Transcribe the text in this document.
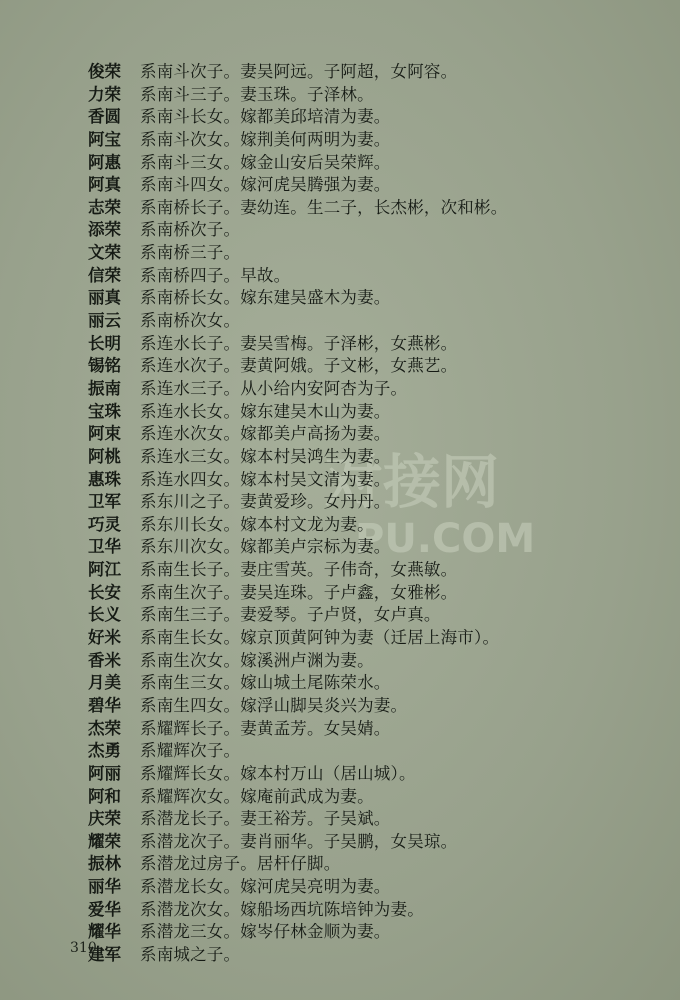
对接网
PU.COM
俊荣	系南斗次子。妻吴阿远。子阿超，女阿容。
力荣	系南斗三子。妻玉珠。子泽林。
香圆	系南斗长女。嫁都美邱培清为妻。
阿宝	系南斗次女。嫁荆美何两明为妻。
阿惠	系南斗三女。嫁金山安后吴荣辉。
阿真	系南斗四女。嫁河虎吴腾强为妻。
志荣	系南桥长子。妻幼连。生二子，长杰彬，次和彬。
添荣	系南桥次子。
文荣	系南桥三子。
信荣	系南桥四子。早故。
丽真	系南桥长女。嫁东建吴盛木为妻。
丽云	系南桥次女。
长明	系连水长子。妻吴雪梅。子泽彬，女燕彬。
锡铭	系连水次子。妻黄阿娥。子文彬，女燕艺。
振南	系连水三子。从小给内安阿杏为子。
宝珠	系连水长女。嫁东建吴木山为妻。
阿束	系连水次女。嫁都美卢高扬为妻。
阿桃	系连水三女。嫁本村吴鸿生为妻。
惠珠	系连水四女。嫁本村吴文清为妻。
卫军	系东川之子。妻黄爱珍。女丹丹。
巧灵	系东川长女。嫁本村文龙为妻。
卫华	系东川次女。嫁都美卢宗标为妻。
阿江	系南生长子。妻庄雪英。子伟奇，女燕敏。
长安	系南生次子。妻吴连珠。子卢鑫，女雅彬。
长义	系南生三子。妻爱琴。子卢贤，女卢真。
好米	系南生长女。嫁京顶黄阿钟为妻（迁居上海市）。
香米	系南生次女。嫁溪洲卢渊为妻。
月美	系南生三女。嫁山城土尾陈荣水。
碧华	系南生四女。嫁浮山脚吴炎兴为妻。
杰荣	系耀辉长子。妻黄孟芳。女吴婧。
杰勇	系耀辉次子。
阿丽	系耀辉长女。嫁本村万山（居山城）。
阿和	系耀辉次女。嫁庵前武成为妻。
庆荣	系潜龙长子。妻王裕芳。子吴斌。
耀荣	系潜龙次子。妻肖丽华。子吴鹏，女吴琼。
振林	系潜龙过房子。居杆仔脚。
丽华	系潜龙长女。嫁河虎吴亮明为妻。
爱华	系潜龙次女。嫁船场西坑陈培钟为妻。
耀华	系潜龙三女。嫁岑仔林金顺为妻。
建军	系南城之子。
310
